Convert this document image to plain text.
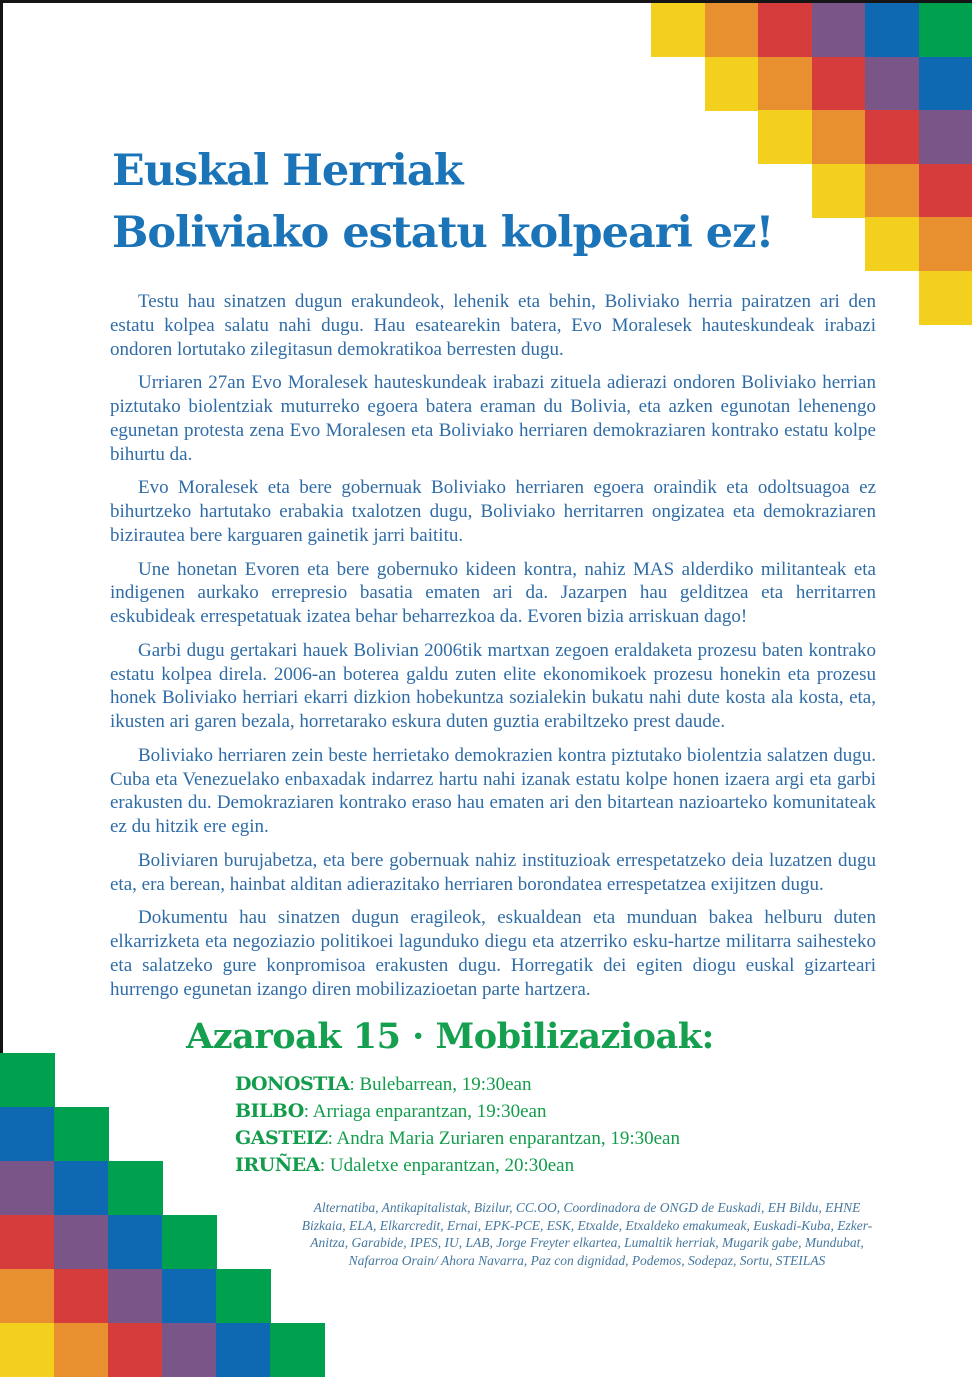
Euskal Herriak
Boliviako estatu kolpeari ez!

Testu hau sinatzen dugun erakundeok, lehenik eta behin, Boliviako herria pairatzen ari den estatu kolpea salatu nahi dugu. Hau esatearekin batera, Evo Moralesek hauteskundeak irabazi ondoren lortutako zilegitasun demokratikoa berresten dugu.

Urriaren 27an Evo Moralesek hauteskundeak irabazi zituela adierazi ondoren Boliviako herrian piztutako biolentziak muturreko egoera batera eraman du Bolivia, eta azken egunotan lehenengo egunetan protesta zena Evo Moralesen eta Boliviako herriaren demokraziaren kontrako estatu kolpe bihurtu da.

Evo Moralesek eta bere gobernuak Boliviako herriaren egoera oraindik eta odoltsuagoa ez bihurtzeko hartutako erabakia txalotzen dugu, Boliviako herritarren ongizatea eta demokraziaren bizirautea bere karguaren gainetik jarri baititu.

Une honetan Evoren eta bere gobernuko kideen kontra, nahiz MAS alderdiko militanteak eta indigenen aurkako errepresio basatia ematen ari da. Jazarpen hau gelditzea eta herritarren eskubideak errespetatuak izatea behar beharrezkoa da. Evoren bizia arriskuan dago!

Garbi dugu gertakari hauek Bolivian 2006tik martxan zegoen eraldaketa prozesu baten kontrako estatu kolpea direla. 2006-an boterea galdu zuten elite ekonomikoek prozesu honekin eta prozesu honek Boliviako herriari ekarri dizkion hobekuntza sozialekin bukatu nahi dute kosta ala kosta, eta, ikusten ari garen bezala, horretarako eskura duten guztia erabiltzeko prest daude.

Boliviako herriaren zein beste herrietako demokrazien kontra piztutako biolentzia salatzen dugu. Cuba eta Venezuelako enbaxadak indarrez hartu nahi izanak estatu kolpe honen izaera argi eta garbi erakusten du. Demokraziaren kontrako eraso hau ematen ari den bitartean nazioarteko komunitateak ez du hitzik ere egin.

Boliviaren burujabetza, eta bere gobernuak nahiz instituzioak errespetatzeko deia luzatzen dugu eta, era berean, hainbat alditan adierazitako herriaren borondatea errespetatzea exijitzen dugu.

Dokumentu hau sinatzen dugun eragileok, eskualdean eta munduan bakea helburu duten elkarrizketa eta negoziazio politikoei lagunduko diegu eta atzerriko esku-hartze militarra saihesteko eta salatzeko gure konpromisoa erakusten dugu. Horregatik dei egiten diogu euskal gizarteari hurrengo egunetan izango diren mobilizazioetan parte hartzera.

Azaroak 15 · Mobilizazioak:
DONOSTIA: Bulebarrean, 19:30ean
BILBO: Arriaga enparantzan, 19:30ean
GASTEIZ: Andra Maria Zuriaren enparantzan, 19:30ean
IRUÑEA: Udaletxe enparantzan, 20:30ean
Alternatiba, Antikapitalistak, Bizilur, CC.OO, Coordinadora de ONGD de Euskadi, EH Bildu, EHNE Bizkaia, ELA, Elkarcredit, Ernai, EPK-PCE, ESK, Etxalde, Etxaldeko emakumeak, Euskadi-Kuba, Ezker-Anitza, Garabide, IPES, IU, LAB, Jorge Freyter elkartea, Lumaltik herriak, Mugarik gabe, Mundubat, Nafarroa Orain/ Ahora Navarra, Paz con dignidad, Podemos, Sodepaz, Sortu, STEILAS
